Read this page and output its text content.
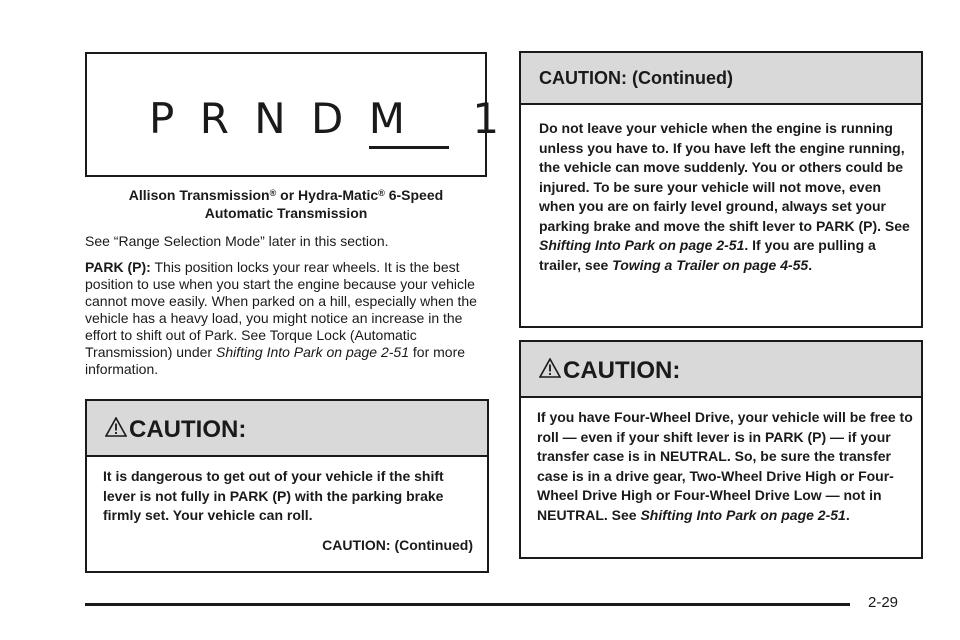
P R N D M 1
Allison Transmission® or Hydra-Matic® 6-Speed
Automatic Transmission

See “Range Selection Mode” later in this section.

PARK (P): This position locks your rear wheels. It is the best position to use when you start the engine because your vehicle cannot move easily. When parked on a hill, especially when the vehicle has a heavy load, you might notice an increase in the effort to shift out of Park. See Torque Lock (Automatic Transmission) under Shifting Into Park on page 2-51 for more information.

CAUTION:
It is dangerous to get out of your vehicle if the shift lever is not fully in PARK (P) with the parking brake firmly set. Your vehicle can roll.
CAUTION: (Continued)
CAUTION: (Continued)
Do not leave your vehicle when the engine is running unless you have to. If you have left the engine running, the vehicle can move suddenly. You or others could be injured. To be sure your vehicle will not move, even when you are on fairly level ground, always set your parking brake and move the shift lever to PARK (P). See Shifting Into Park on page 2-51. If you are pulling a trailer, see Towing a Trailer on page 4-55.
CAUTION:
If you have Four-Wheel Drive, your vehicle will be free to roll — even if your shift lever is in PARK (P) — if your transfer case is in NEUTRAL. So, be sure the transfer case is in a drive gear, Two-Wheel Drive High or Four-Wheel Drive High or Four-Wheel Drive Low — not in NEUTRAL. See Shifting Into Park on page 2-51.
2-29
